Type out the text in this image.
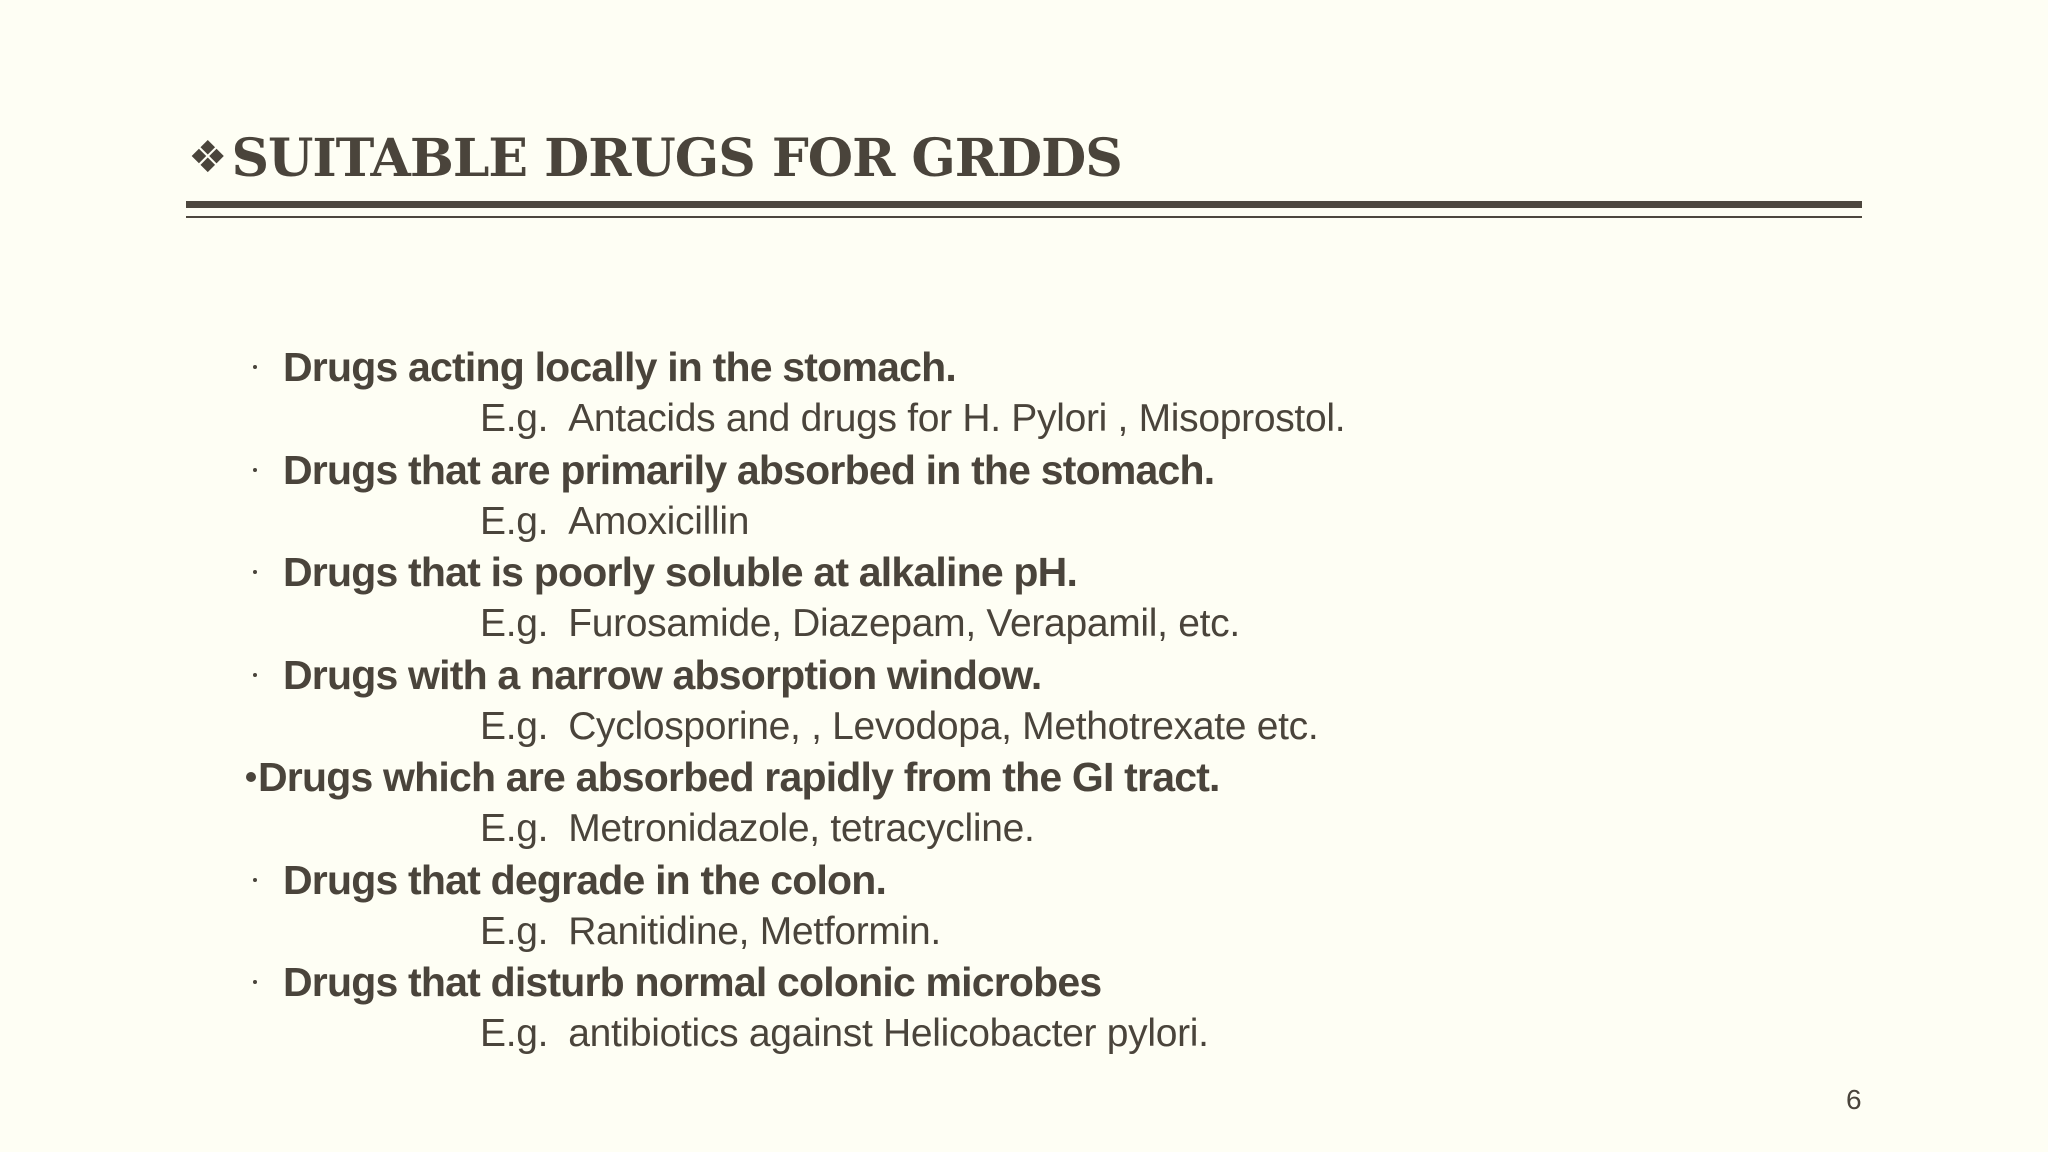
❖ SUITABLE DRUGS FOR GRDDS
Drugs acting locally in the stomach.
E.g. Antacids and drugs for H. Pylori , Misoprostol.
Drugs that are primarily absorbed in the stomach.
E.g. Amoxicillin
Drugs that is poorly soluble at alkaline pH.
E.g. Furosamide, Diazepam, Verapamil, etc.
Drugs with a narrow absorption window.
E.g. Cyclosporine, , Levodopa, Methotrexate etc.
Drugs which are absorbed rapidly from the GI tract.
E.g. Metronidazole, tetracycline.
Drugs that degrade in the colon.
E.g. Ranitidine, Metformin.
Drugs that disturb normal colonic microbes
E.g. antibiotics against Helicobacter pylori.
6
